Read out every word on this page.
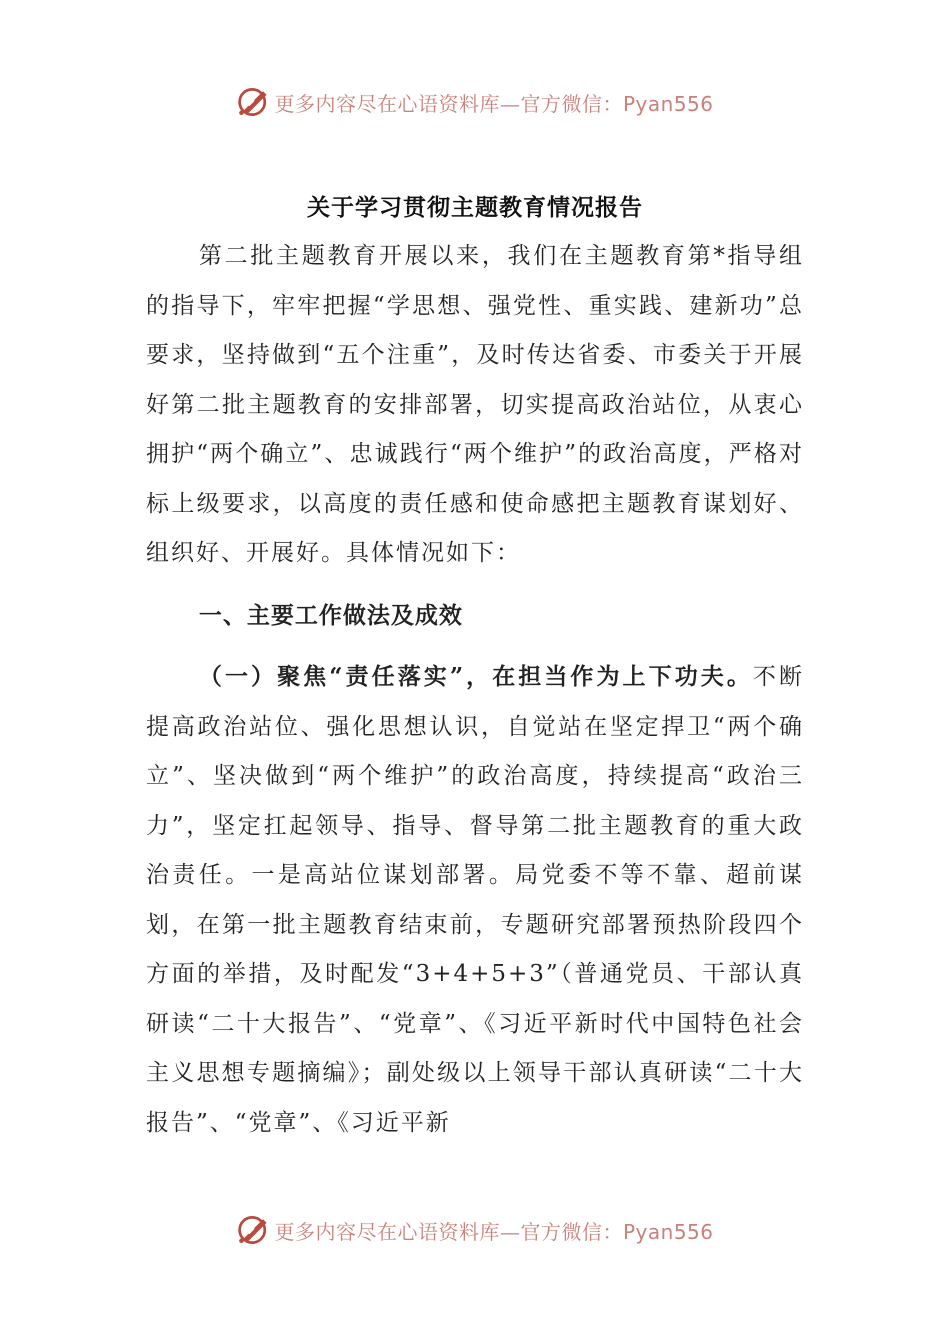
更多内容尽在心语资料库—官方微信：Pyan556
关于学习贯彻主题教育情况报告

第二批主题教育开展以来，我们在主题教育第*指导组的指导下，牢牢把握“学思想、强党性、重实践、建新功”总要求，坚持做到“五个注重”，及时传达省委、市委关于开展好第二批主题教育的安排部署，切实提高政治站位，从衷心拥护“两个确立”、忠诚践行“两个维护”的政治高度，严格对标上级要求，以高度的责任感和使命感把主题教育谋划好、组织好、开展好。具体情况如下：

一、主要工作做法及成效

（一）聚焦“责任落实”，在担当作为上下功夫。不断提高政治站位、强化思想认识，自觉站在坚定捍卫“两个确立”、坚决做到“两个维护”的政治高度，持续提高“政治三力”，坚定扛起领导、指导、督导第二批主题教育的重大政治责任。一是高站位谋划部署。局党委不等不靠、超前谋划，在第一批主题教育结束前，专题研究部署预热阶段四个方面的举措，及时配发“3+4+5+3”（普通党员、干部认真研读“二十大报告”、“党章”、《习近平新时代中国特色社会主义思想专题摘编》；副处级以上领导干部认真研读“二十大报告”、“党章”、《习近平新

更多内容尽在心语资料库—官方微信：Pyan556
